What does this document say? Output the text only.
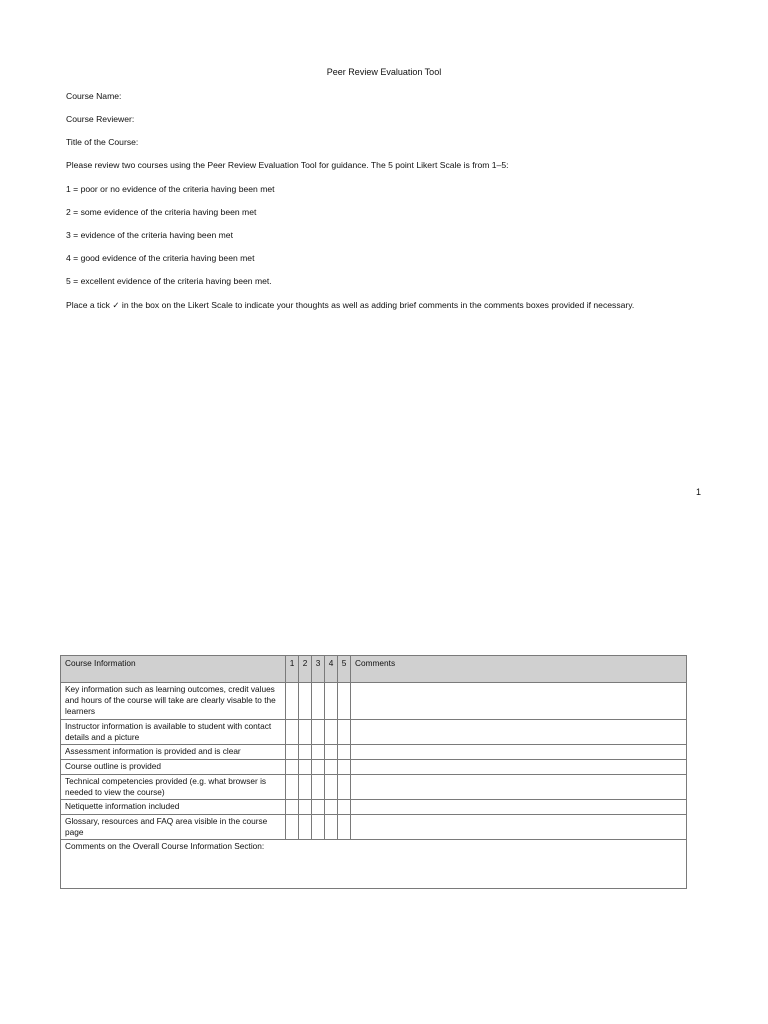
Peer Review Evaluation Tool
Course Name:
Course Reviewer:
Title of the Course:
Please review two courses using the Peer Review Evaluation Tool for guidance. The 5 point Likert Scale is from 1–5:
1 = poor or no evidence of the criteria having been met
2 = some evidence of the criteria having been met
3 = evidence of the criteria having been met
4 = good evidence of the criteria having been met
5 = excellent evidence of the criteria having been met.
Place a tick ✓ in the box on the Likert Scale to indicate your thoughts as well as adding brief comments in the comments boxes provided if necessary.
1
Course Information	1	2	3	4	5	Comments
Key information such as learning outcomes, credit values and hours of the course will take are clearly visable to the learners						
Instructor information is available to student with contact details and a picture						
Assessment information is provided and is clear						
Course outline is provided						
Technical competencies provided (e.g. what browser is needed to view the course)						
Netiquette information included						
Glossary, resources and FAQ area visible in the course page						
Comments on the Overall Course Information Section:						
